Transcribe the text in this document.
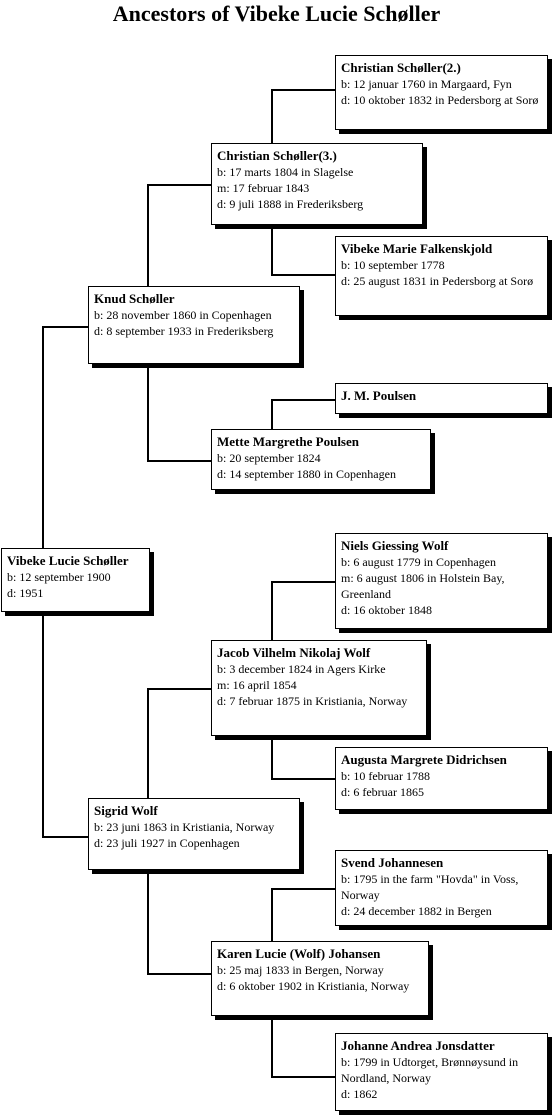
Ancestors of Vibeke Lucie Schøller
Vibeke Lucie Schøller
b: 12 september 1900
d: 1951
Knud Schøller
b: 28 november 1860 in Copenhagen
d: 8 september 1933 in Frederiksberg
Sigrid Wolf
b: 23 juni 1863 in Kristiania, Norway
d: 23 juli 1927 in Copenhagen
Christian Schøller(3.)
b: 17 marts 1804 in Slagelse
m: 17 februar 1843
d: 9 juli 1888 in Frederiksberg
Mette Margrethe Poulsen
b: 20 september 1824
d: 14 september 1880 in Copenhagen
Jacob Vilhelm Nikolaj Wolf
b: 3 december 1824 in Agers Kirke
m: 16 april 1854
d: 7 februar 1875 in Kristiania, Norway
Karen Lucie (Wolf) Johansen
b: 25 maj 1833 in Bergen, Norway
d: 6 oktober 1902 in Kristiania, Norway
Christian Schøller(2.)
b: 12 januar 1760 in Margaard, Fyn
d: 10 oktober 1832 in Pedersborg at Sorø
Vibeke Marie Falkenskjold
b: 10 september 1778
d: 25 august 1831 in Pedersborg at Sorø
J. M. Poulsen
Niels Giessing Wolf
b: 6 august 1779 in Copenhagen
m: 6 august 1806 in Holstein Bay, Greenland
d: 16 oktober 1848
Augusta Margrete Didrichsen
b: 10 februar 1788
d: 6 februar 1865
Svend Johannesen
b: 1795 in the farm "Hovda" in Voss, Norway
d: 24 december 1882 in Bergen
Johanne Andrea Jonsdatter
b: 1799 in Udtorget, Brønnøysund in Nordland, Norway
d: 1862
